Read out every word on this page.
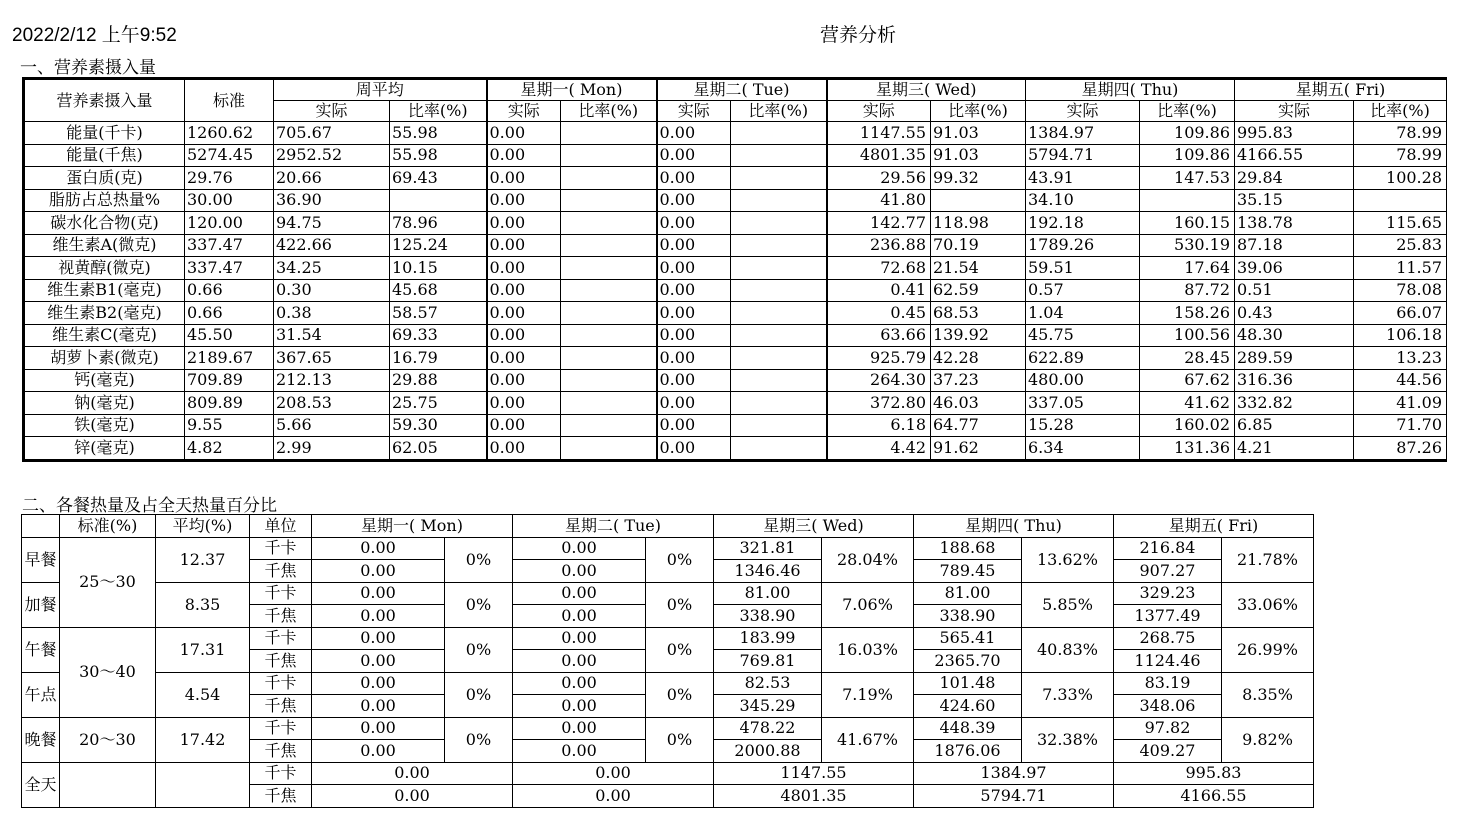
2022/2/12 上午9:52	营养分析
一、营养素摄入量
营养素摄入量	标准	周平均		星期一( Mon)		星期二( Tue)		星期三( Wed)		星期四( Thu)		星期五( Fri)	
		实际	比率(%)	实际	比率(%)	实际	比率(%)	实际	比率(%)	实际	比率(%)	实际	比率(%)
能量(千卡)	1260.62	705.67	55.98	0.00		0.00		1147.55	91.03	1384.97	109.86	995.83	78.99
能量(千焦)	5274.45	2952.52	55.98	0.00		0.00		4801.35	91.03	5794.71	109.86	4166.55	78.99
蛋白质(克)	29.76	20.66	69.43	0.00		0.00		29.56	99.32	43.91	147.53	29.84	100.28
脂肪占总热量%	30.00	36.90		0.00		0.00		41.80		34.10		35.15	
碳水化合物(克)	120.00	94.75	78.96	0.00		0.00		142.77	118.98	192.18	160.15	138.78	115.65
维生素A(微克)	337.47	422.66	125.24	0.00		0.00		236.88	70.19	1789.26	530.19	87.18	25.83
视黄醇(微克)	337.47	34.25	10.15	0.00		0.00		72.68	21.54	59.51	17.64	39.06	11.57
维生素B1(毫克)	0.66	0.30	45.68	0.00		0.00		0.41	62.59	0.57	87.72	0.51	78.08
维生素B2(毫克)	0.66	0.38	58.57	0.00		0.00		0.45	68.53	1.04	158.26	0.43	66.07
维生素C(毫克)	45.50	31.54	69.33	0.00		0.00		63.66	139.92	45.75	100.56	48.30	106.18
胡萝卜素(微克)	2189.67	367.65	16.79	0.00		0.00		925.79	42.28	622.89	28.45	289.59	13.23
钙(毫克)	709.89	212.13	29.88	0.00		0.00		264.30	37.23	480.00	67.62	316.36	44.56
钠(毫克)	809.89	208.53	25.75	0.00		0.00		372.80	46.03	337.05	41.62	332.82	41.09
铁(毫克)	9.55	5.66	59.30	0.00		0.00		6.18	64.77	15.28	160.02	6.85	71.70
锌(毫克)	4.82	2.99	62.05	0.00		0.00		4.42	91.62	6.34	131.36	4.21	87.26
二、各餐热量及占全天热量百分比
	标准(%)	平均(%)	单位	星期一( Mon)		星期二( Tue)		星期三( Wed)		星期四( Thu)		星期五( Fri)	
早餐	25～30	12.37	千卡	0.00	0%	0.00	0%	321.81	28.04%	188.68	13.62%	216.84	21.78%
			千焦	0.00		0.00		1346.46		789.45		907.27	
加餐		8.35	千卡	0.00	0%	0.00	0%	81.00	7.06%	81.00	5.85%	329.23	33.06%
			千焦	0.00		0.00		338.90		338.90		1377.49	
午餐	30～40	17.31	千卡	0.00	0%	0.00	0%	183.99	16.03%	565.41	40.83%	268.75	26.99%
			千焦	0.00		0.00		769.81		2365.70		1124.46	
午点		4.54	千卡	0.00	0%	0.00	0%	82.53	7.19%	101.48	7.33%	83.19	8.35%
			千焦	0.00		0.00		345.29		424.60		348.06	
晚餐	20～30	17.42	千卡	0.00	0%	0.00	0%	478.22	41.67%	448.39	32.38%	97.82	9.82%
			千焦	0.00		0.00		2000.88		1876.06		409.27	
全天			千卡	0.00		0.00		1147.55		1384.97		995.83	
			千焦	0.00		0.00		4801.35		5794.71		4166.55	
